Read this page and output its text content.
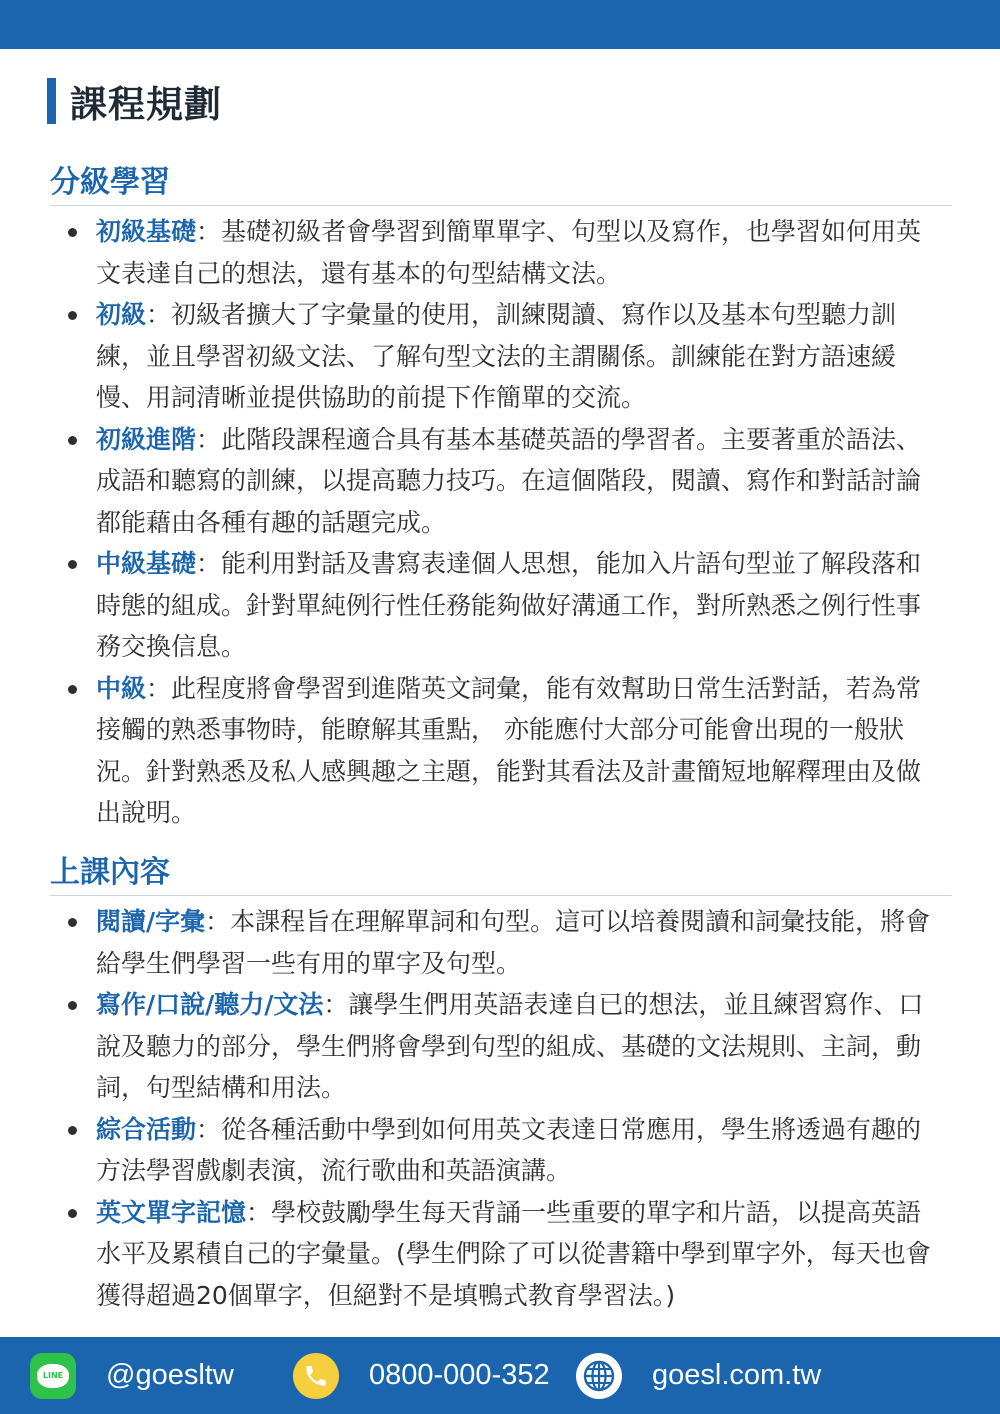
課程規劃
分級學習
初級基礎：基礎初級者會學習到簡單單字、句型以及寫作，也學習如何用英文表達自己的想法，還有基本的句型結構文法。
初級：初級者擴大了字彙量的使用，訓練閱讀、寫作以及基本句型聽力訓練，並且學習初級文法、了解句型文法的主謂關係。訓練能在對方語速緩慢、用詞清晰並提供協助的前提下作簡單的交流。
初級進階：此階段課程適合具有基本基礎英語的學習者。主要著重於語法、成語和聽寫的訓練，以提高聽力技巧。在這個階段，閱讀、寫作和對話討論都能藉由各種有趣的話題完成。
中級基礎：能利用對話及書寫表達個人思想，能加入片語句型並了解段落和時態的組成。針對單純例行性任務能夠做好溝通工作，對所熟悉之例行性事務交換信息。
中級：此程度將會學習到進階英文詞彙，能有效幫助日常生活對話，若為常接觸的熟悉事物時，能瞭解其重點， 亦能應付大部分可能會出現的一般狀況。針對熟悉及私人感興趣之主題，能對其看法及計畫簡短地解釋理由及做出說明。
上課內容
閱讀/字彙：本課程旨在理解單詞和句型。這可以培養閱讀和詞彙技能，將會給學生們學習一些有用的單字及句型。
寫作/口說/聽力/文法：讓學生們用英語表達自已的想法，並且練習寫作、口說及聽力的部分，學生們將會學到句型的組成、基礎的文法規則、主詞，動詞，句型結構和用法。
綜合活動：從各種活動中學到如何用英文表達日常應用，學生將透過有趣的方法學習戲劇表演，流行歌曲和英語演講。
英文單字記憶：學校鼓勵學生每天背誦一些重要的單字和片語，以提高英語水平及累積自己的字彙量。(學生們除了可以從書籍中學到單字外，每天也會獲得超過20個單字，但絕對不是填鴨式教育學習法。)
LINE @goesltw	0800-000-352	goesl.com.tw
